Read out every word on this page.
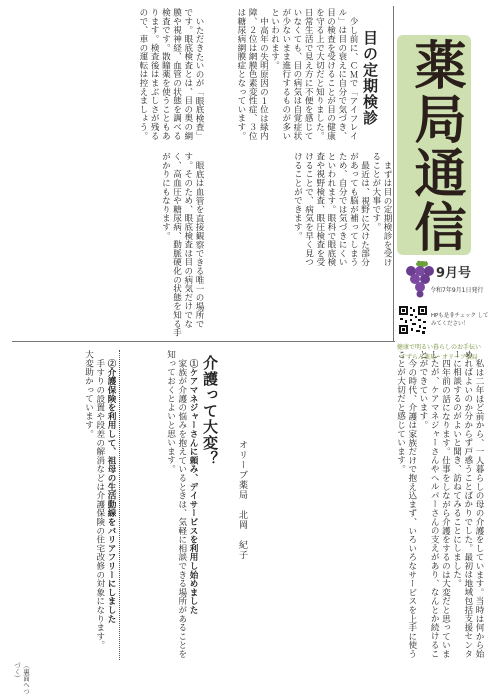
薬局通信
9月号
令和7年9月1日発行
HPも是非チェック してみてください！
健康で明るい暮らしのお手伝い
すずらん薬局・オリーブ薬局
目の定期検診

少し前に、ＣＭで「アイフレイル」は目の衰えに自分で気づき、目の検査を受けることが目の健康を守る上で大切だと知りました。日常生活で見え方に不便を感じていなくても、目の病気は自覚症状が少ないまま進行するものが多いといわれます。

中高年の失明原因の１位は緑内障、２位は網膜色素変性症、３位は糖尿病網膜症となっています。

まずは目の定期検診を受けることが大事です。

最近は、視野に欠けた部分があっても脳が補ってしまうため、自分では気づきにくいといわれます。眼科で眼底検査や視野検査、眼圧検査を受けることで、病気を早く見つけることができます。

いただきたいのが「眼底検査」です。眼底検査とは、目の奥の網膜や視神経、血管の状態を調べる検査です。散瞳薬を使うこともあります。検査後はまぶしさが残るので、車の運転は控えましょう。

眼底は血管を直接観察できる唯一の場所です。そのため、眼底検査は目の病気だけでなく、高血圧や糖尿病、動脈硬化の状態を知る手がかりにもなります。

介護って大変？
オリーブ薬局　北岡　紀子	私は二年ほど前から、一人暮らしの母の介護をしています。当時は何から始めればよいのか分からず戸惑うことばかりでした。最初は地域包括支援センターに相談するのがよいと聞き、訪ねてみることにしました。

四年前の話になります。仕事をしながら介護をするのは大変だと思っていましたが、ケアマネジャーさんやヘルパーさんの支えがあり、なんとか続けることができています。

今の時代、介護は家族だけで抱え込まず、いろいろなサービスを上手に使うことが大切だと感じています。

①ケアマネジャーさんに頼み、デイサービスを利用し始めました

家族が介護の悩みを抱えているときは、気軽に相談できる場所があることを知っておくとよいと思います。

②介護保険を利用して、祖母の生活動線をバリアフリーにしました

手すりの設置や段差の解消などは介護保険の住宅改修の対象になります。大変助かっています。

（裏面へつづく）
